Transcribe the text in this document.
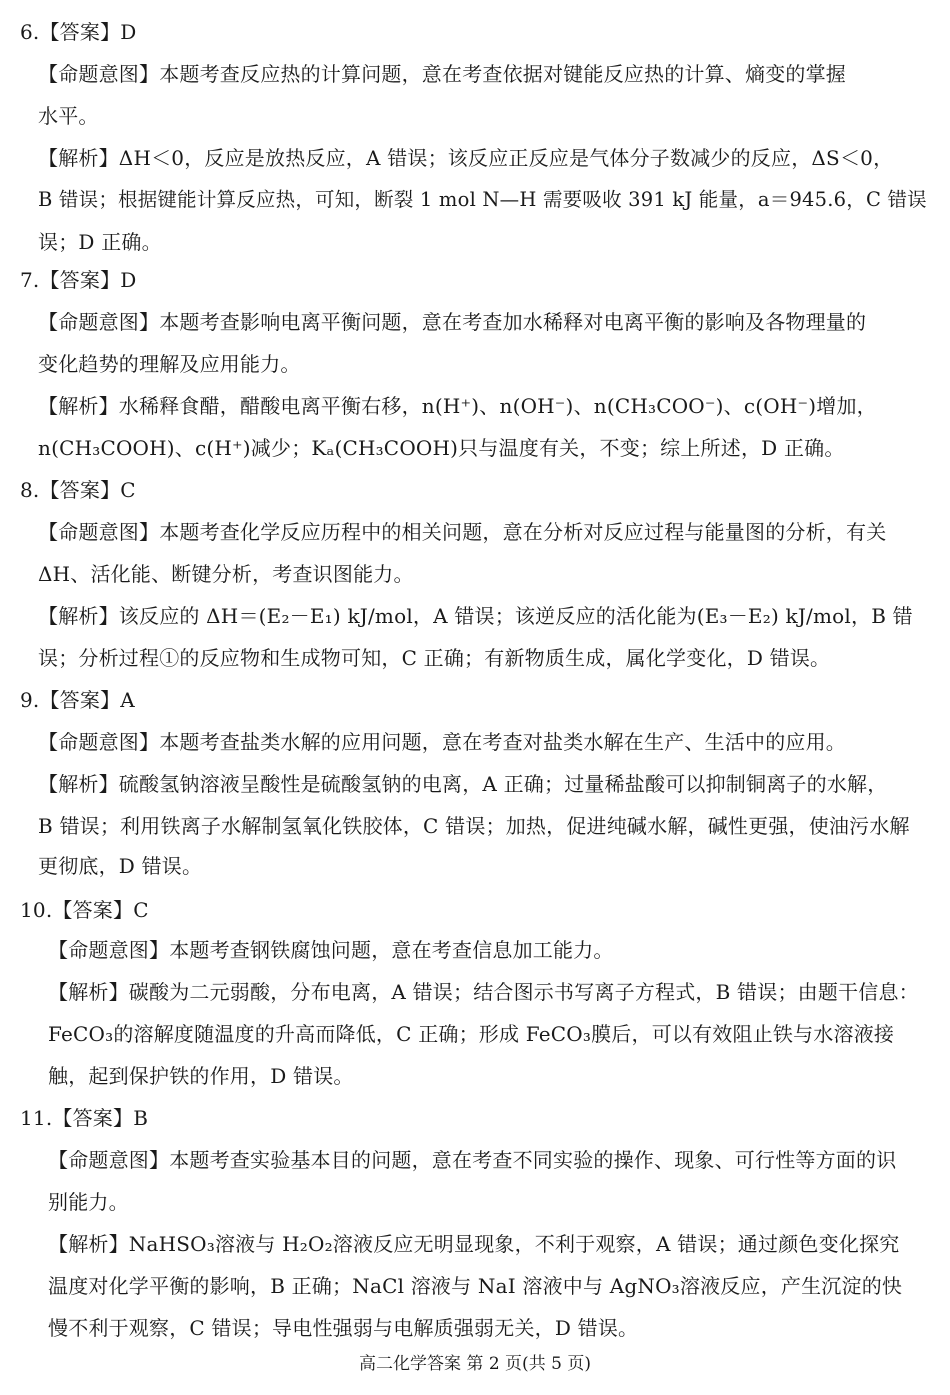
6.【答案】D
【命题意图】本题考查反应热的计算问题，意在考查依据对键能反应热的计算、熵变的掌握
水平。
【解析】ΔH＜0，反应是放热反应，A 错误；该反应正反应是气体分子数减少的反应，ΔS＜0，
B 错误；根据键能计算反应热，可知，断裂 1 mol N—H 需要吸收 391 kJ 能量，a＝945.6，C 错误
误；D 正确。
7.【答案】D
【命题意图】本题考查影响电离平衡问题，意在考查加水稀释对电离平衡的影响及各物理量的
变化趋势的理解及应用能力。
【解析】水稀释食醋，醋酸电离平衡右移，n(H⁺)、n(OH⁻)、n(CH₃COO⁻)、c(OH⁻)增加，
n(CH₃COOH)、c(H⁺)减少；Kₐ(CH₃COOH)只与温度有关，不变；综上所述，D 正确。
8.【答案】C
【命题意图】本题考查化学反应历程中的相关问题，意在分析对反应过程与能量图的分析，有关
ΔH、活化能、断键分析，考查识图能力。
【解析】该反应的 ΔH＝(E₂－E₁) kJ/mol，A 错误；该逆反应的活化能为(E₃－E₂) kJ/mol，B 错
误；分析过程①的反应物和生成物可知，C 正确；有新物质生成，属化学变化，D 错误。
9.【答案】A
【命题意图】本题考查盐类水解的应用问题，意在考查对盐类水解在生产、生活中的应用。
【解析】硫酸氢钠溶液呈酸性是硫酸氢钠的电离，A 正确；过量稀盐酸可以抑制铜离子的水解，
B 错误；利用铁离子水解制氢氧化铁胶体，C 错误；加热，促进纯碱水解，碱性更强，使油污水解
更彻底，D 错误。
10.【答案】C
【命题意图】本题考查钢铁腐蚀问题，意在考查信息加工能力。
【解析】碳酸为二元弱酸，分布电离，A 错误；结合图示书写离子方程式，B 错误；由题干信息：
FeCO₃的溶解度随温度的升高而降低，C 正确；形成 FeCO₃膜后，可以有效阻止铁与水溶液接
触，起到保护铁的作用，D 错误。
11.【答案】B
【命题意图】本题考查实验基本目的问题，意在考查不同实验的操作、现象、可行性等方面的识
别能力。
【解析】NaHSO₃溶液与 H₂O₂溶液反应无明显现象，不利于观察，A 错误；通过颜色变化探究
温度对化学平衡的影响，B 正确；NaCl 溶液与 NaI 溶液中与 AgNO₃溶液反应，产生沉淀的快
慢不利于观察，C 错误；导电性强弱与电解质强弱无关，D 错误。
高二化学答案 第 2 页(共 5 页)
